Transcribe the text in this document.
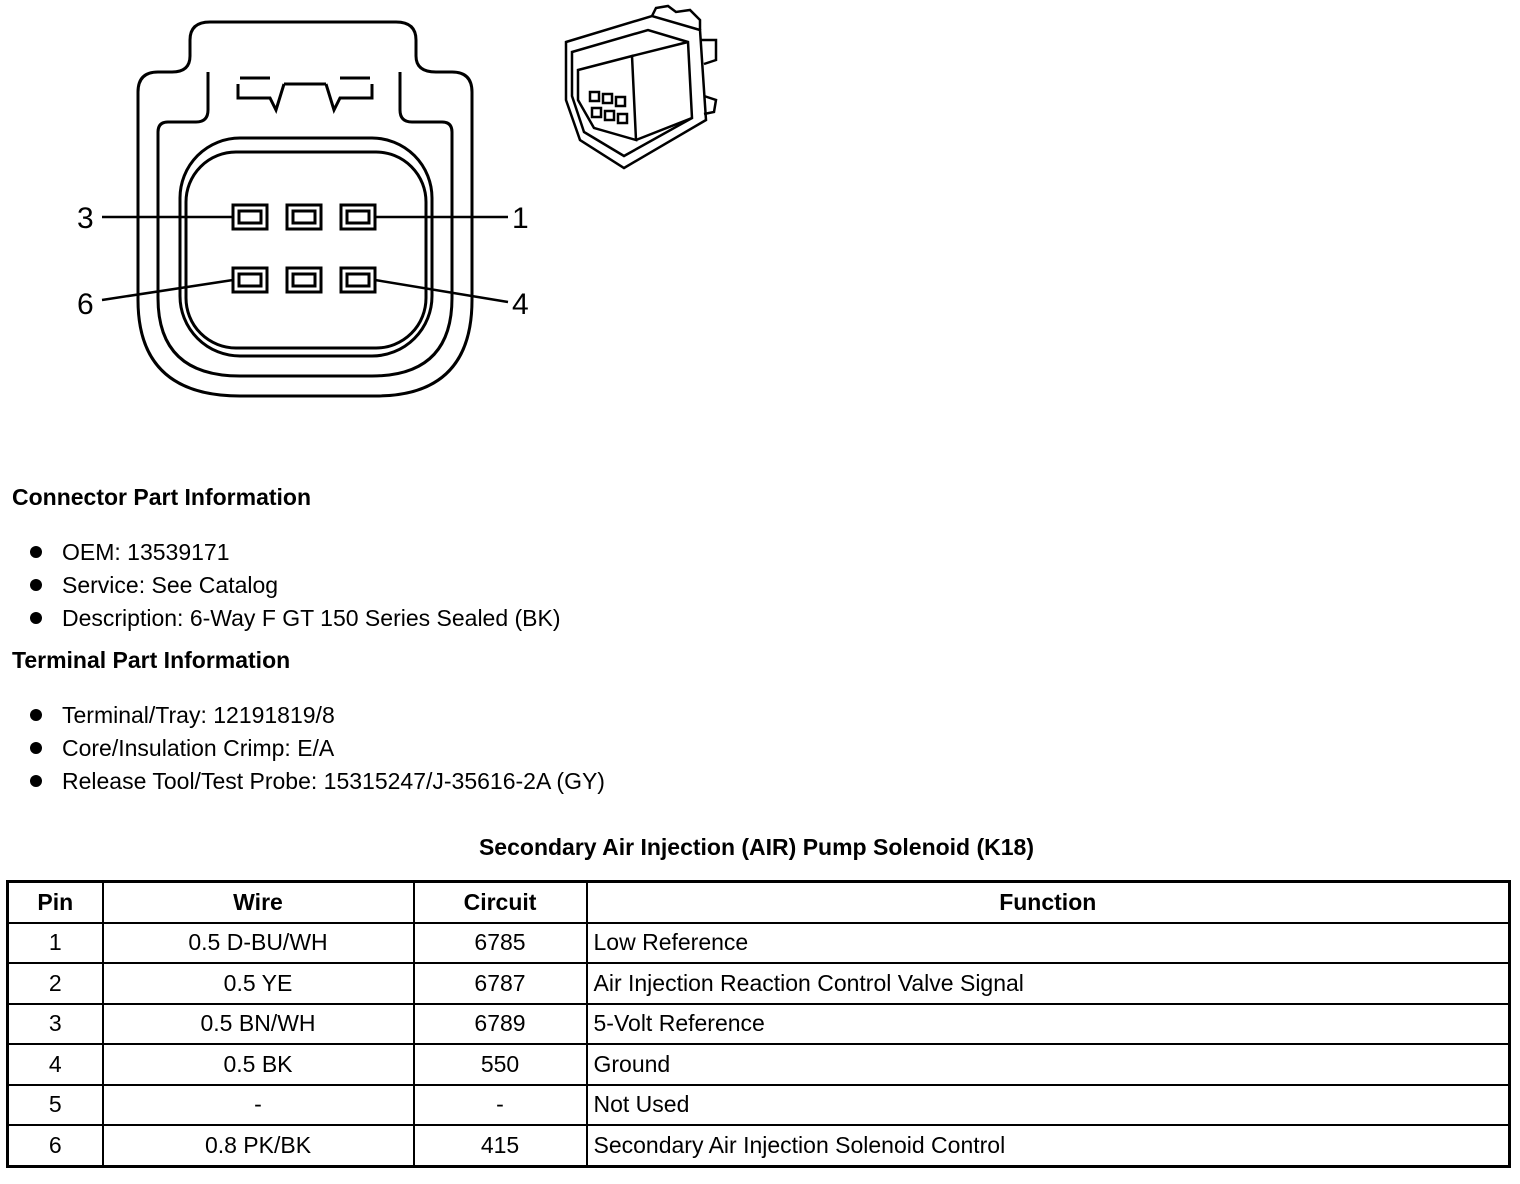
3	1
6	4
Connector Part Information
OEM: 13539171
Service: See Catalog
Description: 6-Way F GT 150 Series Sealed (BK)
Terminal Part Information
Terminal/Tray: 12191819/8
Core/Insulation Crimp: E/A
Release Tool/Test Probe: 15315247/J-35616-2A (GY)
Secondary Air Injection (AIR) Pump Solenoid (K18)
Pin	Wire	Circuit	Function
1	0.5 D-BU/WH	6785	Low Reference
2	0.5 YE	6787	Air Injection Reaction Control Valve Signal
3	0.5 BN/WH	6789	5-Volt Reference
4	0.5 BK	550	Ground
5	-	-	Not Used
6	0.8 PK/BK	415	Secondary Air Injection Solenoid Control
